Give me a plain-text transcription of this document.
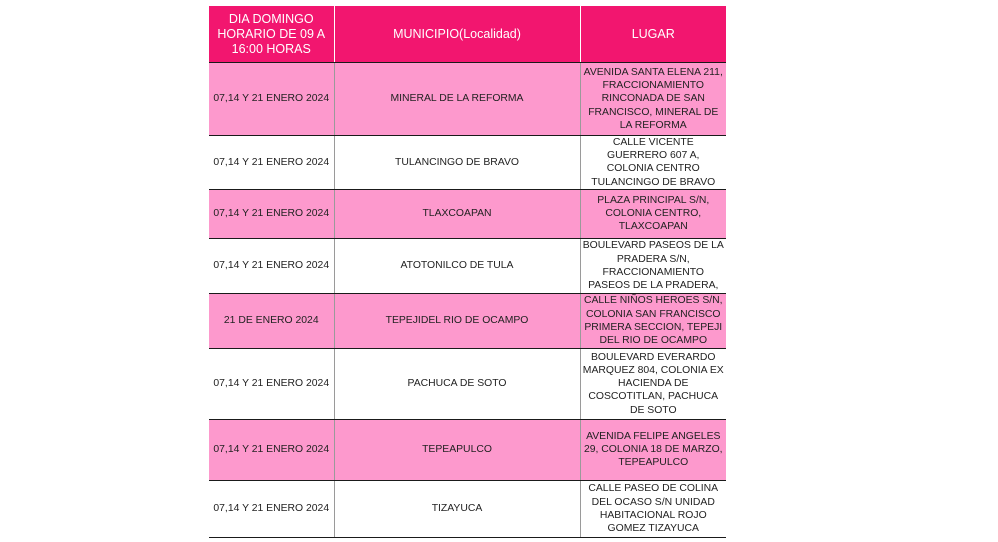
DIA DOMINGO HORARIO DE 09 A 16:00 HORAS	MUNICIPIO(Localidad)	LUGAR
07,14 Y 21 ENERO 2024	MINERAL DE LA REFORMA	AVENIDA SANTA ELENA 211, FRACCIONAMIENTO RINCONADA DE SAN FRANCISCO, MINERAL DE LA REFORMA
07,14 Y 21 ENERO 2024	TULANCINGO DE BRAVO	CALLE VICENTE GUERRERO 607 A, COLONIA CENTRO TULANCINGO DE BRAVO
07,14 Y 21 ENERO 2024	TLAXCOAPAN	PLAZA PRINCIPAL S/N, COLONIA CENTRO, TLAXCOAPAN
07,14 Y 21 ENERO 2024	ATOTONILCO DE TULA	BOULEVARD PASEOS DE LA PRADERA S/N, FRACCIONAMIENTO PASEOS DE LA PRADERA,
21 DE ENERO 2024	TEPEJIDEL RIO DE OCAMPO	CALLE NIÑOS HEROES S/N, COLONIA SAN FRANCISCO PRIMERA SECCION, TEPEJI DEL RIO DE OCAMPO
07,14 Y 21 ENERO 2024	PACHUCA DE SOTO	BOULEVARD EVERARDO MARQUEZ 804, COLONIA EX HACIENDA DE COSCOTITLAN, PACHUCA DE SOTO
07,14 Y 21 ENERO 2024	TEPEAPULCO	AVENIDA FELIPE ANGELES 29, COLONIA 18 DE MARZO, TEPEAPULCO
07,14 Y 21 ENERO 2024	TIZAYUCA	CALLE PASEO DE COLINA DEL OCASO S/N UNIDAD HABITACIONAL ROJO GOMEZ TIZAYUCA
